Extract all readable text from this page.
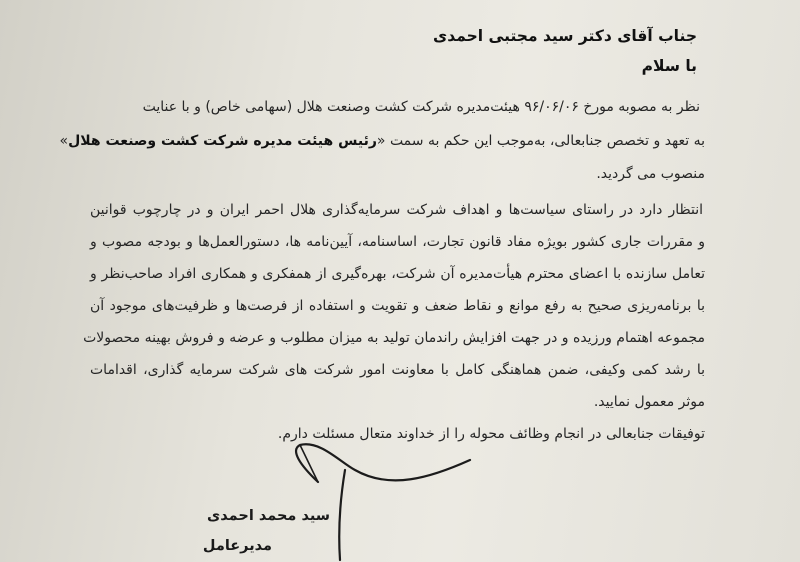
جناب آقای دکتر سید مجتبی احمدی
با سلام
نظر به مصوبه مورخ ۹۶/۰۶/۰۶ هیئت‌مدیره شرکت کشت وصنعت هلال (سهامی خاص) و با عنایت
به تعهد و تخصص جنابعالی، به‌موجب این حکم به سمت «رئیس هیئت مدیره شرکت کشت وصنعت هلال»
منصوب می گردید.
انتظار دارد در راستای سیاست‌ها و اهداف شرکت سرمایه‌گذاری هلال احمر ایران و در چارچوب قوانین
و مقررات جاری کشور بویژه مفاد قانون تجارت، اساسنامه، آیین‌نامه ها، دستورالعمل‌ها و بودجه مصوب و
تعامل سازنده با اعضای محترم هیأت‌مدیره آن شرکت، بهره‌گیری از همفکری و همکاری افراد صاحب‌نظر و
با برنامه‌ریزی صحیح به رفع موانع و نقاط ضعف و تقویت و استفاده از فرصت‌ها و ظرفیت‌های موجود آن
مجموعه اهتمام ورزیده و در جهت افزایش راندمان تولید به میزان مطلوب و عرضه و فروش بهینه محصولات
با رشد کمی وکیفی، ضمن هماهنگی کامل با معاونت امور شرکت های شرکت سرمایه گذاری، اقدامات
موثر معمول نمایید.
توفیقات جنابعالی در انجام وظائف محوله را از خداوند متعال مسئلت دارم.
سید محمد احمدی
مدیرعامل
